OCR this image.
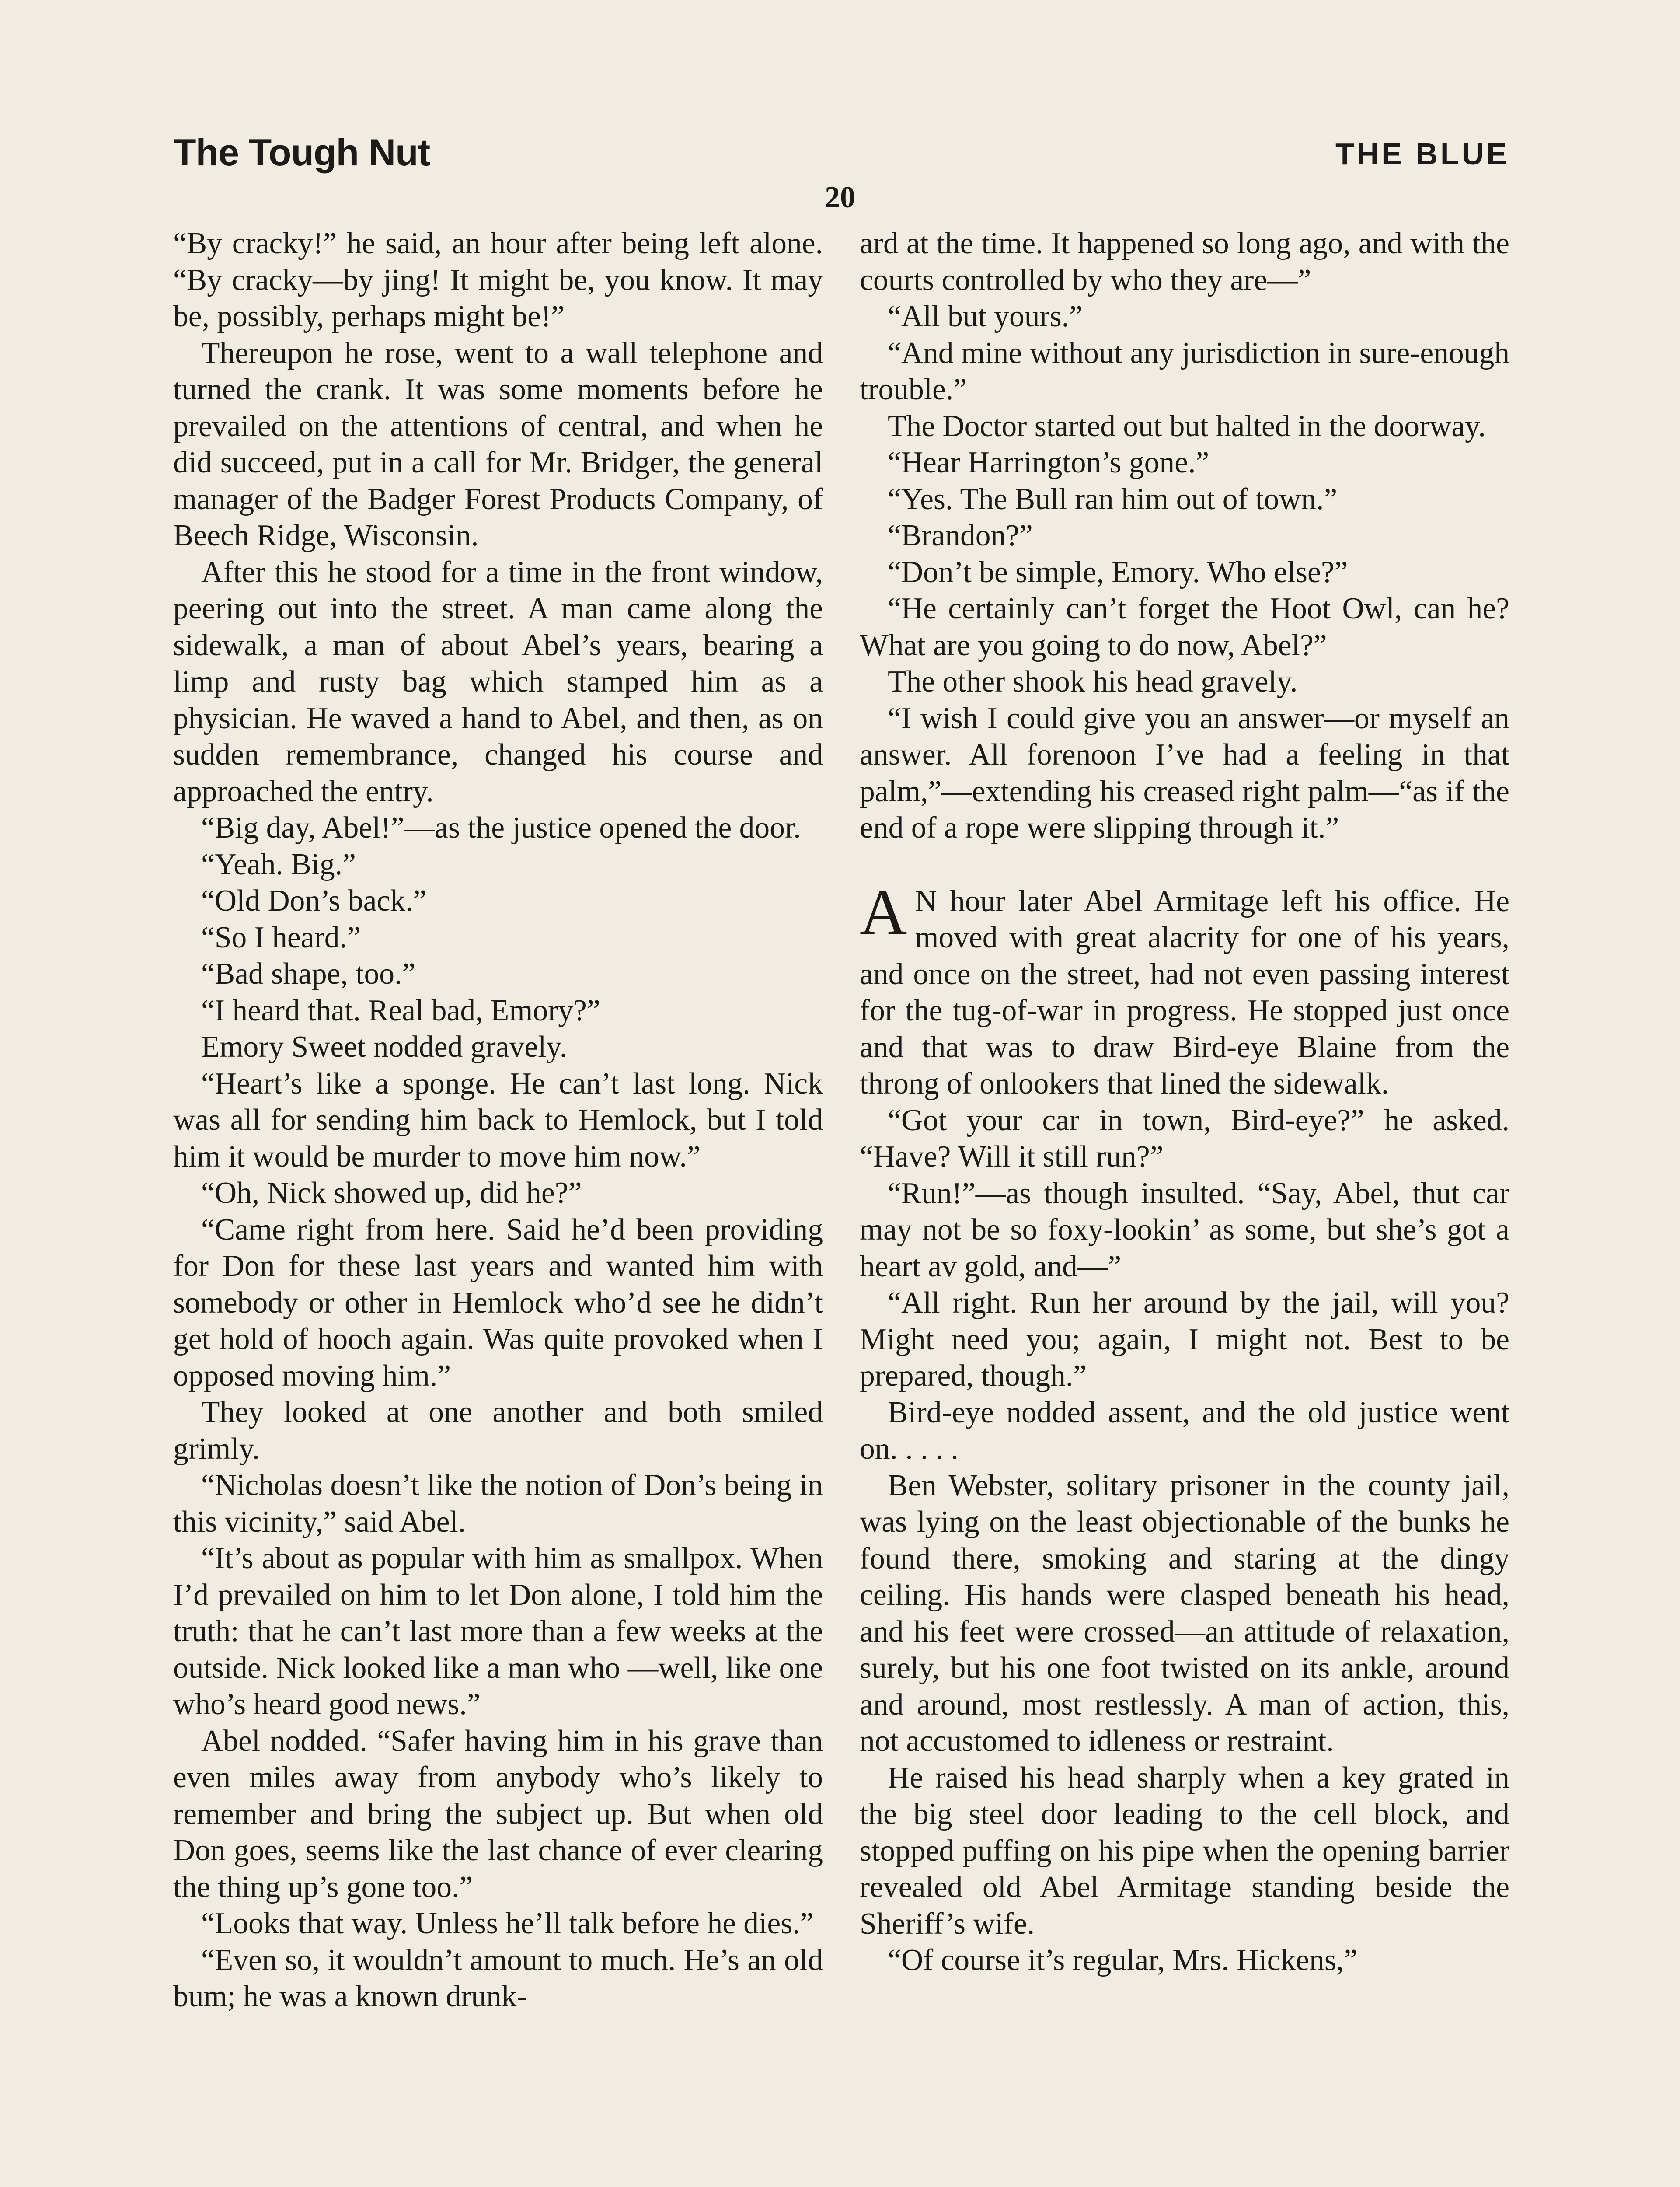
The Tough Nut	THE BLUE
20

“By cracky!” he said, an hour after being left alone. “By cracky—by jing! It might be, you know. It may be, possibly, perhaps might be!”

Thereupon he rose, went to a wall telephone and turned the crank. It was some moments before he prevailed on the attentions of central, and when he did succeed, put in a call for Mr. Bridger, the general manager of the Badger Forest Products Company, of Beech Ridge, Wisconsin.

After this he stood for a time in the front window, peering out into the street. A man came along the sidewalk, a man of about Abel’s years, bearing a limp and rusty bag which stamped him as a physician. He waved a hand to Abel, and then, as on sudden remembrance, changed his course and approached the entry.

“Big day, Abel!”—as the justice opened the door.

“Yeah. Big.”

“Old Don’s back.”

“So I heard.”

“Bad shape, too.”

“I heard that. Real bad, Emory?”

Emory Sweet nodded gravely.

“Heart’s like a sponge. He can’t last long. Nick was all for sending him back to Hemlock, but I told him it would be murder to move him now.”

“Oh, Nick showed up, did he?”

“Came right from here. Said he’d been providing for Don for these last years and wanted him with somebody or other in Hemlock who’d see he didn’t get hold of hooch again. Was quite provoked when I opposed moving him.”

They looked at one another and both smiled grimly.

“Nicholas doesn’t like the notion of Don’s being in this vicinity,” said Abel.

“It’s about as popular with him as smallpox. When I’d prevailed on him to let Don alone, I told him the truth: that he can’t last more than a few weeks at the outside. Nick looked like a man who —well, like one who’s heard good news.”

Abel nodded. “Safer having him in his grave than even miles away from anybody who’s likely to remember and bring the subject up. But when old Don goes, seems like the last chance of ever clearing the thing up’s gone too.”

“Looks that way. Unless he’ll talk before he dies.”

“Even so, it wouldn’t amount to much. He’s an old bum; he was a known drunk-

ard at the time. It happened so long ago, and with the courts controlled by who they are—”

“All but yours.”

“And mine without any jurisdiction in sure-enough trouble.”

The Doctor started out but halted in the doorway.

“Hear Harrington’s gone.”

“Yes. The Bull ran him out of town.”

“Brandon?”

“Don’t be simple, Emory. Who else?”

“He certainly can’t forget the Hoot Owl, can he? What are you going to do now, Abel?”

The other shook his head gravely.

“I wish I could give you an answer—or myself an answer. All forenoon I’ve had a feeling in that palm,”—extending his creased right palm—“as if the end of a rope were slipping through it.”

A N hour later Abel Armitage left his office. He moved with great alacrity for one of his years, and once on the street, had not even passing interest for the tug-of-war in progress. He stopped just once and that was to draw Bird-eye Blaine from the throng of onlookers that lined the sidewalk.

“Got your car in town, Bird-eye?” he asked. “Have? Will it still run?”

“Run!”—as though insulted. “Say, Abel, thut car may not be so foxy-lookin’ as some, but she’s got a heart av gold, and—”

“All right. Run her around by the jail, will you? Might need you; again, I might not. Best to be prepared, though.”

Bird-eye nodded assent, and the old justice went on. . . . .

Ben Webster, solitary prisoner in the county jail, was lying on the least objectionable of the bunks he found there, smoking and staring at the dingy ceiling. His hands were clasped beneath his head, and his feet were crossed—an attitude of relaxation, surely, but his one foot twisted on its ankle, around and around, most restlessly. A man of action, this, not accustomed to idleness or restraint.

He raised his head sharply when a key grated in the big steel door leading to the cell block, and stopped puffing on his pipe when the opening barrier revealed old Abel Armitage standing beside the Sheriff’s wife.

“Of course it’s regular, Mrs. Hickens,”
